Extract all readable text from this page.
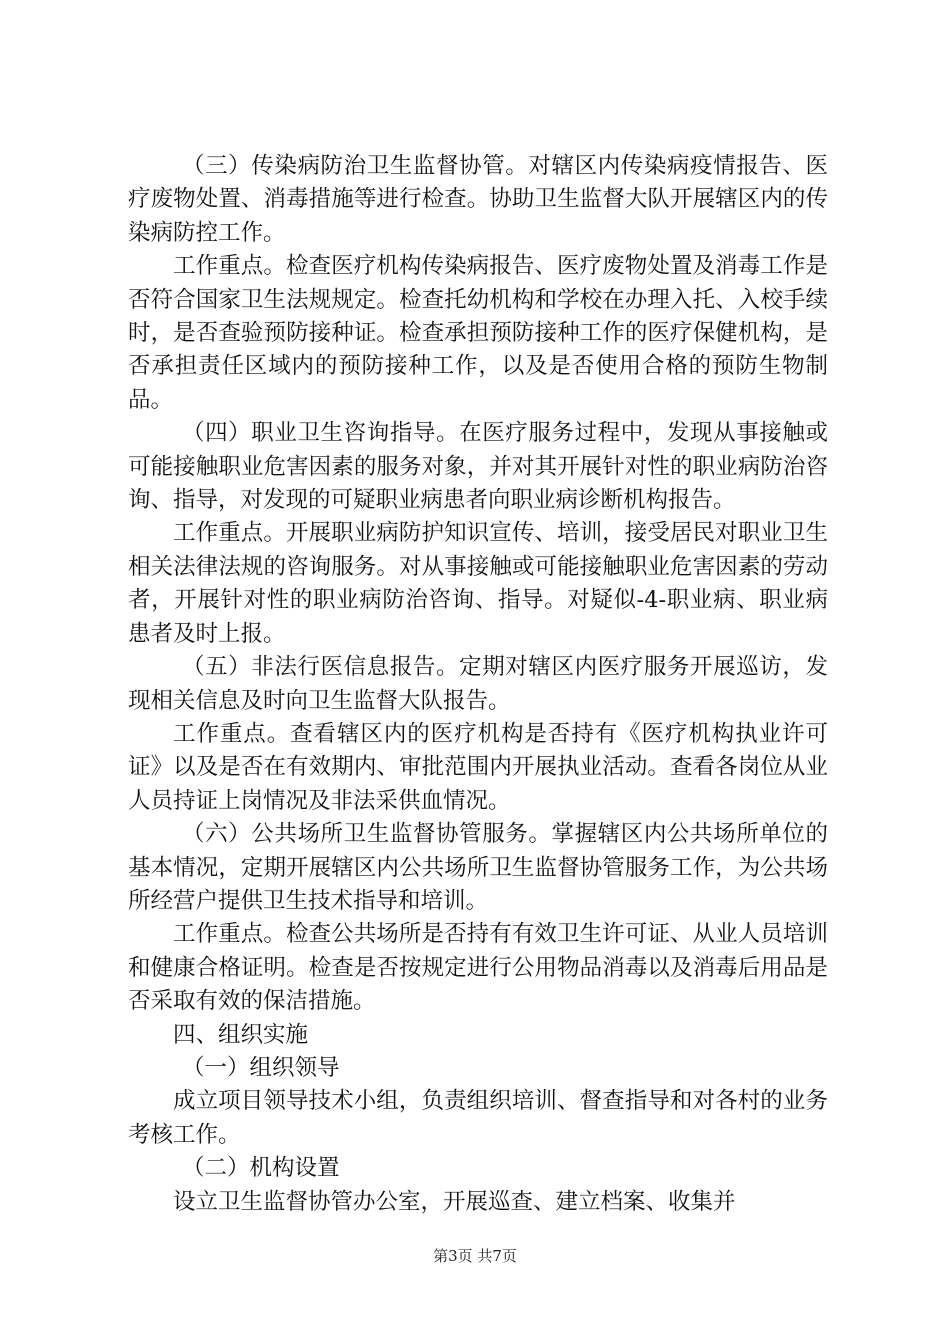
（三）传染病防治卫生监督协管。对辖区内传染病疫情报告、医疗废物处置、消毒措施等进行检查。协助卫生监督大队开展辖区内的传染病防控工作。

工作重点。检查医疗机构传染病报告、医疗废物处置及消毒工作是否符合国家卫生法规规定。检查托幼机构和学校在办理入托、入校手续时，是否查验预防接种证。检查承担预防接种工作的医疗保健机构，是否承担责任区域内的预防接种工作，以及是否使用合格的预防生物制品。

（四）职业卫生咨询指导。在医疗服务过程中，发现从事接触或可能接触职业危害因素的服务对象，并对其开展针对性的职业病防治咨询、指导，对发现的可疑职业病患者向职业病诊断机构报告。

工作重点。开展职业病防护知识宣传、培训，接受居民对职业卫生相关法律法规的咨询服务。对从事接触或可能接触职业危害因素的劳动者，开展针对性的职业病防治咨询、指导。对疑似-4-职业病、职业病患者及时上报。

（五）非法行医信息报告。定期对辖区内医疗服务开展巡访，发现相关信息及时向卫生监督大队报告。

工作重点。查看辖区内的医疗机构是否持有《医疗机构执业许可证》以及是否在有效期内、审批范围内开展执业活动。查看各岗位从业人员持证上岗情况及非法采供血情况。

（六）公共场所卫生监督协管服务。掌握辖区内公共场所单位的基本情况，定期开展辖区内公共场所卫生监督协管服务工作，为公共场所经营户提供卫生技术指导和培训。

工作重点。检查公共场所是否持有有效卫生许可证、从业人员培训和健康合格证明。检查是否按规定进行公用物品消毒以及消毒后用品是否采取有效的保洁措施。

四、组织实施

（一）组织领导

成立项目领导技术小组，负责组织培训、督查指导和对各村的业务考核工作。

（二）机构设置

设立卫生监督协管办公室，开展巡查、建立档案、收集并

第3页 共7页
